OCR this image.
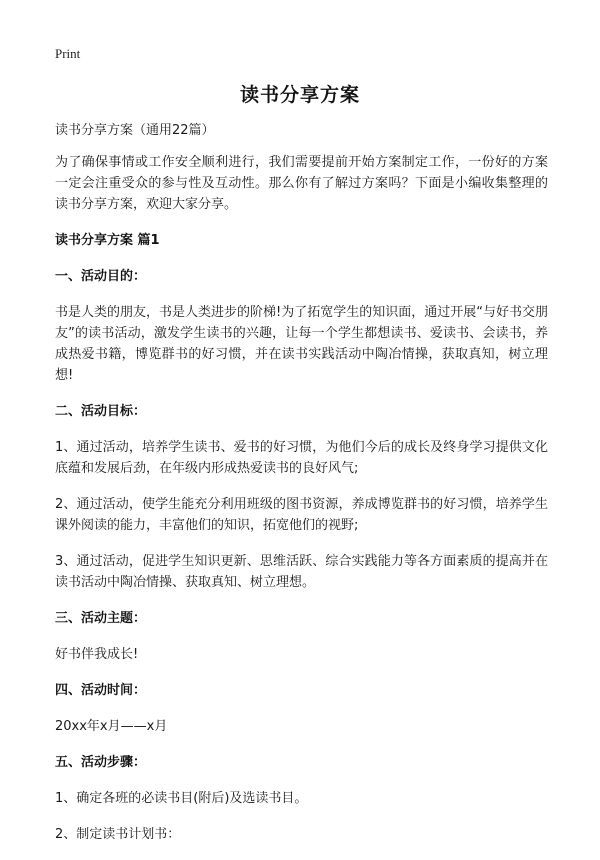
Print
读书分享方案

读书分享方案（通用22篇）

为了确保事情或工作安全顺利进行，我们需要提前开始方案制定工作，一份好的方案一定会注重受众的参与性及互动性。那么你有了解过方案吗？下面是小编收集整理的读书分享方案，欢迎大家分享。

读书分享方案 篇1

一、活动目的：

书是人类的朋友，书是人类进步的阶梯!为了拓宽学生的知识面，通过开展“与好书交朋友”的读书活动，激发学生读书的兴趣，让每一个学生都想读书、爱读书、会读书，养成热爱书籍，博览群书的好习惯，并在读书实践活动中陶冶情操，获取真知，树立理想!

二、活动目标：

1、通过活动，培养学生读书、爱书的好习惯，为他们今后的成长及终身学习提供文化底蕴和发展后劲，在年级内形成热爱读书的良好风气;

2、通过活动，使学生能充分利用班级的图书资源，养成博览群书的好习惯，培养学生课外阅读的能力，丰富他们的知识，拓宽他们的视野;

3、通过活动，促进学生知识更新、思维活跃、综合实践能力等各方面素质的提高并在读书活动中陶冶情操、获取真知、树立理想。

三、活动主题：

好书伴我成长!

四、活动时间：

20xx年x月——x月

五、活动步骤：

1、确定各班的必读书目(附后)及选读书目。

2、制定读书计划书：
